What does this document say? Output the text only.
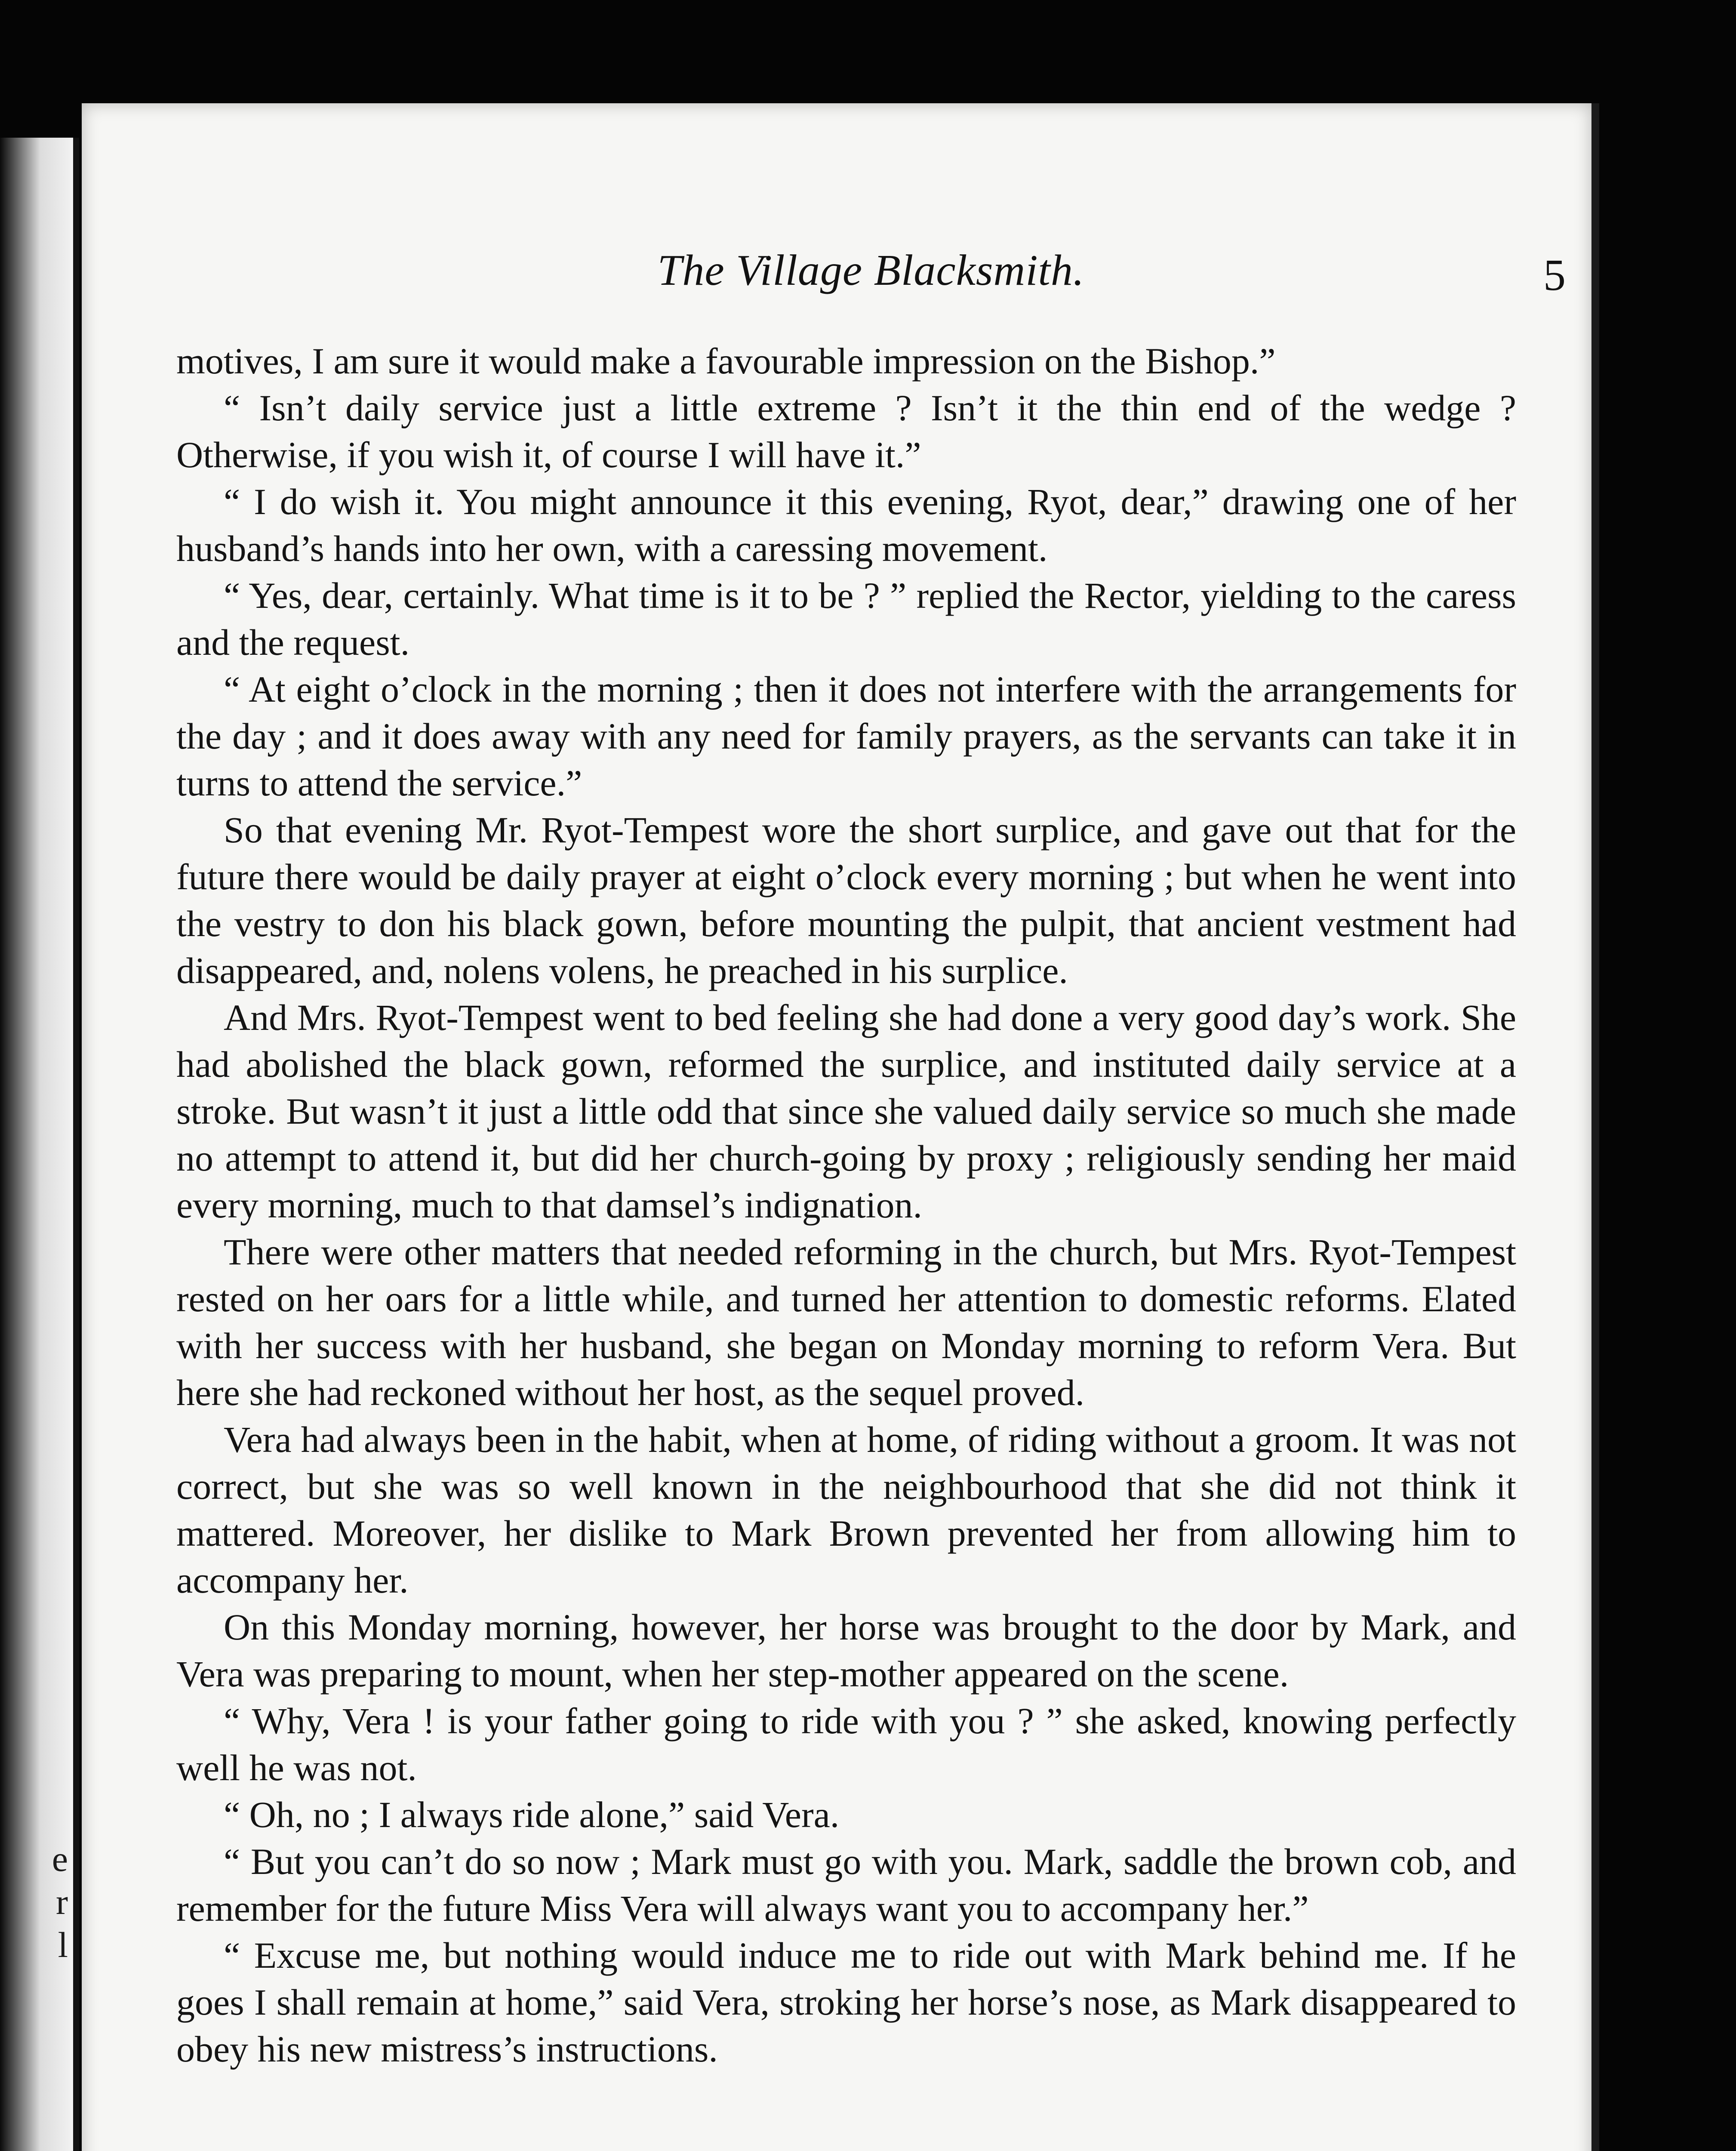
e
r
l
The Village Blacksmith.	5

motives, I am sure it would make a favourable impression on the Bishop.”

“ Isn’t daily service just a little extreme ? Isn’t it the thin end of the wedge ? Otherwise, if you wish it, of course I will have it.”

“ I do wish it. You might announce it this evening, Ryot, dear,” drawing one of her husband’s hands into her own, with a caressing movement.

“ Yes, dear, certainly. What time is it to be ? ” replied the Rector, yielding to the caress and the request.

“ At eight o’clock in the morning ; then it does not interfere with the arrangements for the day ; and it does away with any need for family prayers, as the servants can take it in turns to attend the service.”

So that evening Mr. Ryot-Tempest wore the short surplice, and gave out that for the future there would be daily prayer at eight o’clock every morning ; but when he went into the vestry to don his black gown, before mounting the pulpit, that ancient vestment had disappeared, and, nolens volens, he preached in his surplice.

And Mrs. Ryot-Tempest went to bed feeling she had done a very good day’s work. She had abolished the black gown, reformed the surplice, and instituted daily service at a stroke. But wasn’t it just a little odd that since she valued daily service so much she made no attempt to attend it, but did her church-going by proxy ; religiously sending her maid every morning, much to that damsel’s indignation.

There were other matters that needed reforming in the church, but Mrs. Ryot-Tempest rested on her oars for a little while, and turned her attention to domestic reforms. Elated with her success with her husband, she began on Monday morning to reform Vera. But here she had reckoned without her host, as the sequel proved.

Vera had always been in the habit, when at home, of riding without a groom. It was not correct, but she was so well known in the neighbourhood that she did not think it mattered. Moreover, her dislike to Mark Brown prevented her from allowing him to accompany her.

On this Monday morning, however, her horse was brought to the door by Mark, and Vera was preparing to mount, when her step-mother appeared on the scene.

“ Why, Vera ! is your father going to ride with you ? ” she asked, knowing perfectly well he was not.

“ Oh, no ; I always ride alone,” said Vera.

“ But you can’t do so now ; Mark must go with you. Mark, saddle the brown cob, and remember for the future Miss Vera will always want you to accompany her.”

“ Excuse me, but nothing would induce me to ride out with Mark behind me. If he goes I shall remain at home,” said Vera, stroking her horse’s nose, as Mark disappeared to obey his new mistress’s instructions.
